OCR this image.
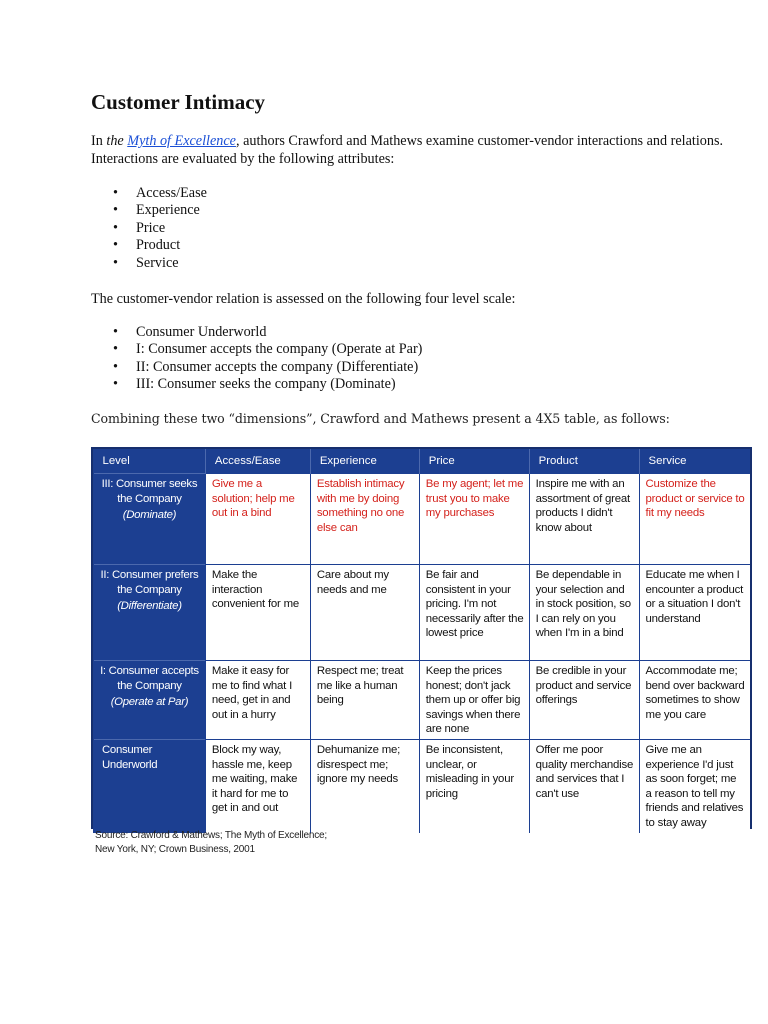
Customer Intimacy

In the Myth of Excellence, authors Crawford and Mathews examine customer-vendor interactions and relations. Interactions are evaluated by the following attributes:

• Access/Ease
• Experience
• Price
• Product
• Service

The customer-vendor relation is assessed on the following four level scale:

• Consumer Underworld
• I: Consumer accepts the company (Operate at Par)
• II: Consumer accepts the company (Differentiate)
• III: Consumer seeks the company (Dominate)

Combining these two “dimensions”, Crawford and Mathews present a 4X5 table, as follows:

Level	Access/Ease	Experience	Price	Product	Service
III: Consumer seeks the Company
(Dominate)	Give me a solution; help me out in a bind	Establish intimacy with me by doing something no one else can	Be my agent; let me trust you to make my purchases	Inspire me with an assortment of great products I didn't know about	Customize the product or service to fit my needs
II: Consumer prefers the Company
(Differentiate)	Make the interaction convenient for me	Care about my needs and me	Be fair and consistent in your pricing. I'm not necessarily after the lowest price	Be dependable in your selection and in stock position, so I can rely on you when I'm in a bind	Educate me when I encounter a product or a situation I don't understand
I: Consumer accepts the Company
(Operate at Par)	Make it easy for me to find what I need, get in and out in a hurry	Respect me; treat me like a human being	Keep the prices honest; don't jack them up or offer big savings when there are none	Be credible in your product and service offerings	Accommodate me; bend over backward sometimes to show me you care
Consumer Underworld	Block my way, hassle me, keep me waiting, make it hard for me to get in and out	Dehumanize me; disrespect me; ignore my needs	Be inconsistent, unclear, or misleading in your pricing	Offer me poor quality merchandise and services that I can't use	Give me an experience I'd just as soon forget; me a reason to tell my friends and relatives to stay away
Source: Crawford & Mathews; The Myth of Excellence;
New York, NY; Crown Business, 2001
